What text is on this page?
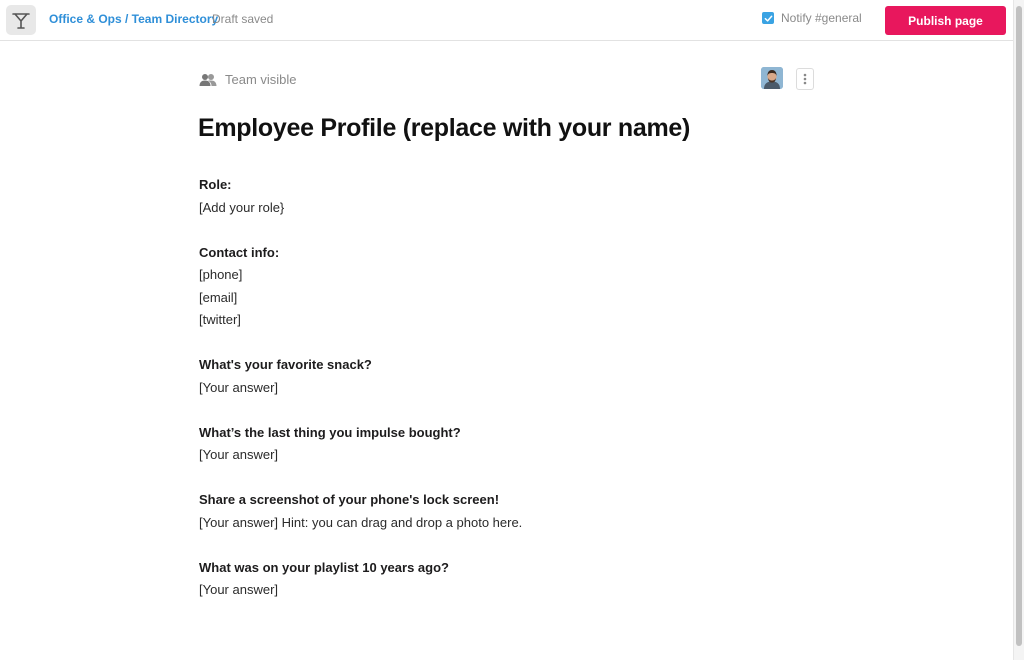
Office & Ops / Team Directory
Draft saved	Notify #general	Publish page
Team visible
Employee Profile (replace with your name)
Role:
[Add your role}
Contact info:
[phone]
[email]
[twitter]
What's your favorite snack?
[Your answer]
What’s the last thing you impulse bought?
[Your answer]
Share a screenshot of your phone's lock screen!
[Your answer] Hint: you can drag and drop a photo here.
What was on your playlist 10 years ago?
[Your answer]
